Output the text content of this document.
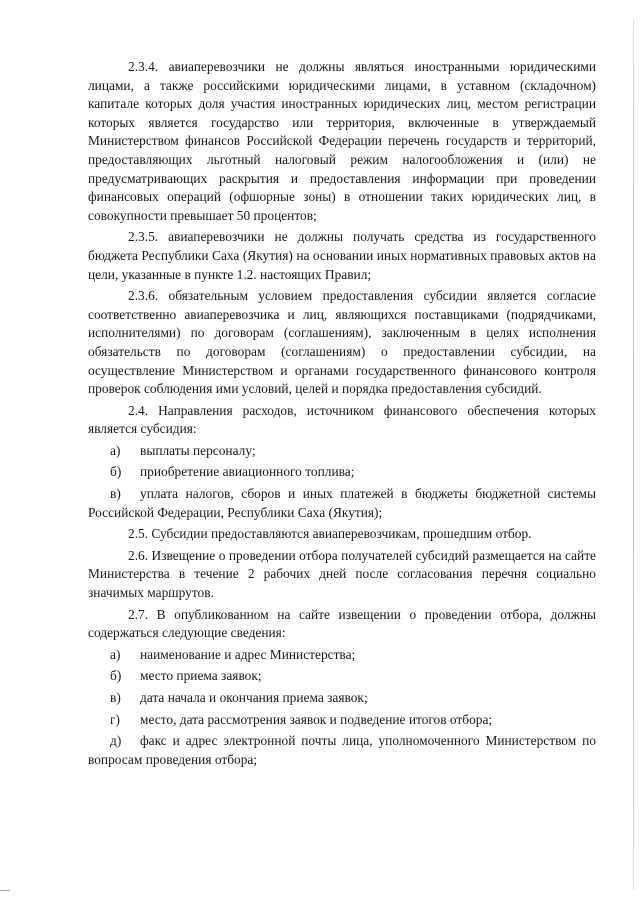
2.3.4. авиаперевозчики не должны являться иностранными юридическими лицами, а также российскими юридическими лицами, в уставном (складочном) капитале которых доля участия иностранных юридических лиц, местом регистрации которых является государство или территория, включенные в утверждаемый Министерством финансов Российской Федерации перечень государств и территорий, предоставляющих льготный налоговый режим налогообложения и (или) не предусматривающих раскрытия и предоставления информации при проведении финансовых операций (офшорные зоны) в отношении таких юридических лиц, в совокупности превышает 50 процентов;

2.3.5. авиаперевозчики не должны получать средства из государственного бюджета Республики Саха (Якутия) на основании иных нормативных правовых актов на цели, указанные в пункте 1.2. настоящих Правил;

2.3.6. обязательным условием предоставления субсидии является согласие соответственно авиаперевозчика и лиц, являющихся поставщиками (подрядчиками, исполнителями) по договорам (соглашениям), заключенным в целях исполнения обязательств по договорам (соглашениям) о предоставлении субсидии, на осуществление Министерством и органами государственного финансового контроля проверок соблюдения ими условий, целей и порядка предоставления субсидий.

2.4. Направления расходов, источником финансового обеспечения которых является субсидия:

а)	выплаты персоналу;
б)	приобретение авиационного топлива;
в) уплата налогов, сборов и иных платежей в бюджеты бюджетной системы Российской Федерации, Республики Саха (Якутия);

2.5. Субсидии предоставляются авиаперевозчикам, прошедшим отбор.

2.6. Извещение о проведении отбора получателей субсидий размещается на сайте Министерства в течение 2 рабочих дней после согласования перечня социально значимых маршрутов.

2.7. В опубликованном на сайте извещении о проведении отбора, должны содержаться следующие сведения:

а)	наименование и адрес Министерства;
б)	место приема заявок;
в)	дата начала и окончания приема заявок;
г)	место, дата рассмотрения заявок и подведение итогов отбора;
д) факс и адрес электронной почты лица, уполномоченного Министерством по вопросам проведения отбора;
